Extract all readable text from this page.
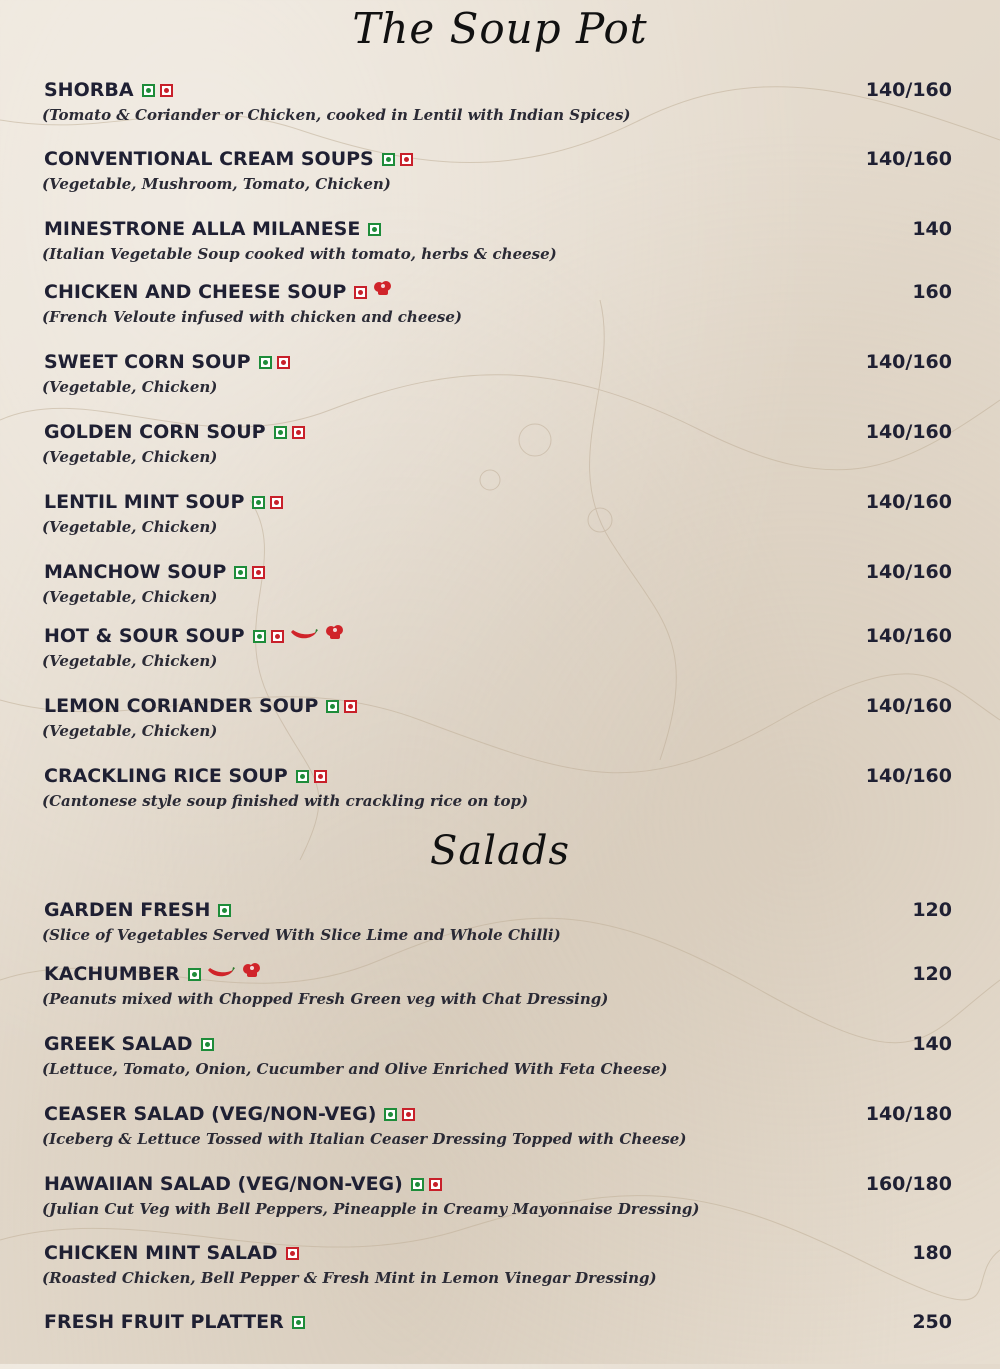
The Soup Pot
SHORBA
(Tomato & Coriander or Chicken, cooked in Lentil with Indian Spices)
140/160
CONVENTIONAL CREAM SOUPS
(Vegetable, Mushroom, Tomato, Chicken)
140/160
MINESTRONE ALLA MILANESE
(Italian Vegetable Soup cooked with tomato, herbs & cheese)
140
CHICKEN AND CHEESE SOUP
(French Veloute infused with chicken and cheese)
160
SWEET CORN SOUP
(Vegetable, Chicken)
140/160
GOLDEN CORN SOUP
(Vegetable, Chicken)
140/160
LENTIL MINT SOUP
(Vegetable, Chicken)
140/160
MANCHOW SOUP
(Vegetable, Chicken)
140/160
HOT & SOUR SOUP
(Vegetable, Chicken)
140/160
LEMON CORIANDER SOUP
(Vegetable, Chicken)
140/160
CRACKLING RICE SOUP
(Cantonese style soup finished with crackling rice on top)
140/160
Salads
GARDEN FRESH
(Slice of Vegetables Served With Slice Lime and Whole Chilli)
120
KACHUMBER
(Peanuts mixed with Chopped Fresh Green veg with Chat Dressing)
120
GREEK SALAD
(Lettuce, Tomato, Onion, Cucumber and Olive Enriched With Feta Cheese)
140
CEASER SALAD (VEG/NON-VEG)
(Iceberg & Lettuce Tossed with Italian Ceaser Dressing Topped with Cheese)
140/180
HAWAIIAN SALAD (VEG/NON-VEG)
(Julian Cut Veg with Bell Peppers, Pineapple in Creamy Mayonnaise Dressing)
160/180
CHICKEN MINT SALAD
(Roasted Chicken, Bell Pepper & Fresh Mint in Lemon Vinegar Dressing)
180
FRESH FRUIT PLATTER	250
